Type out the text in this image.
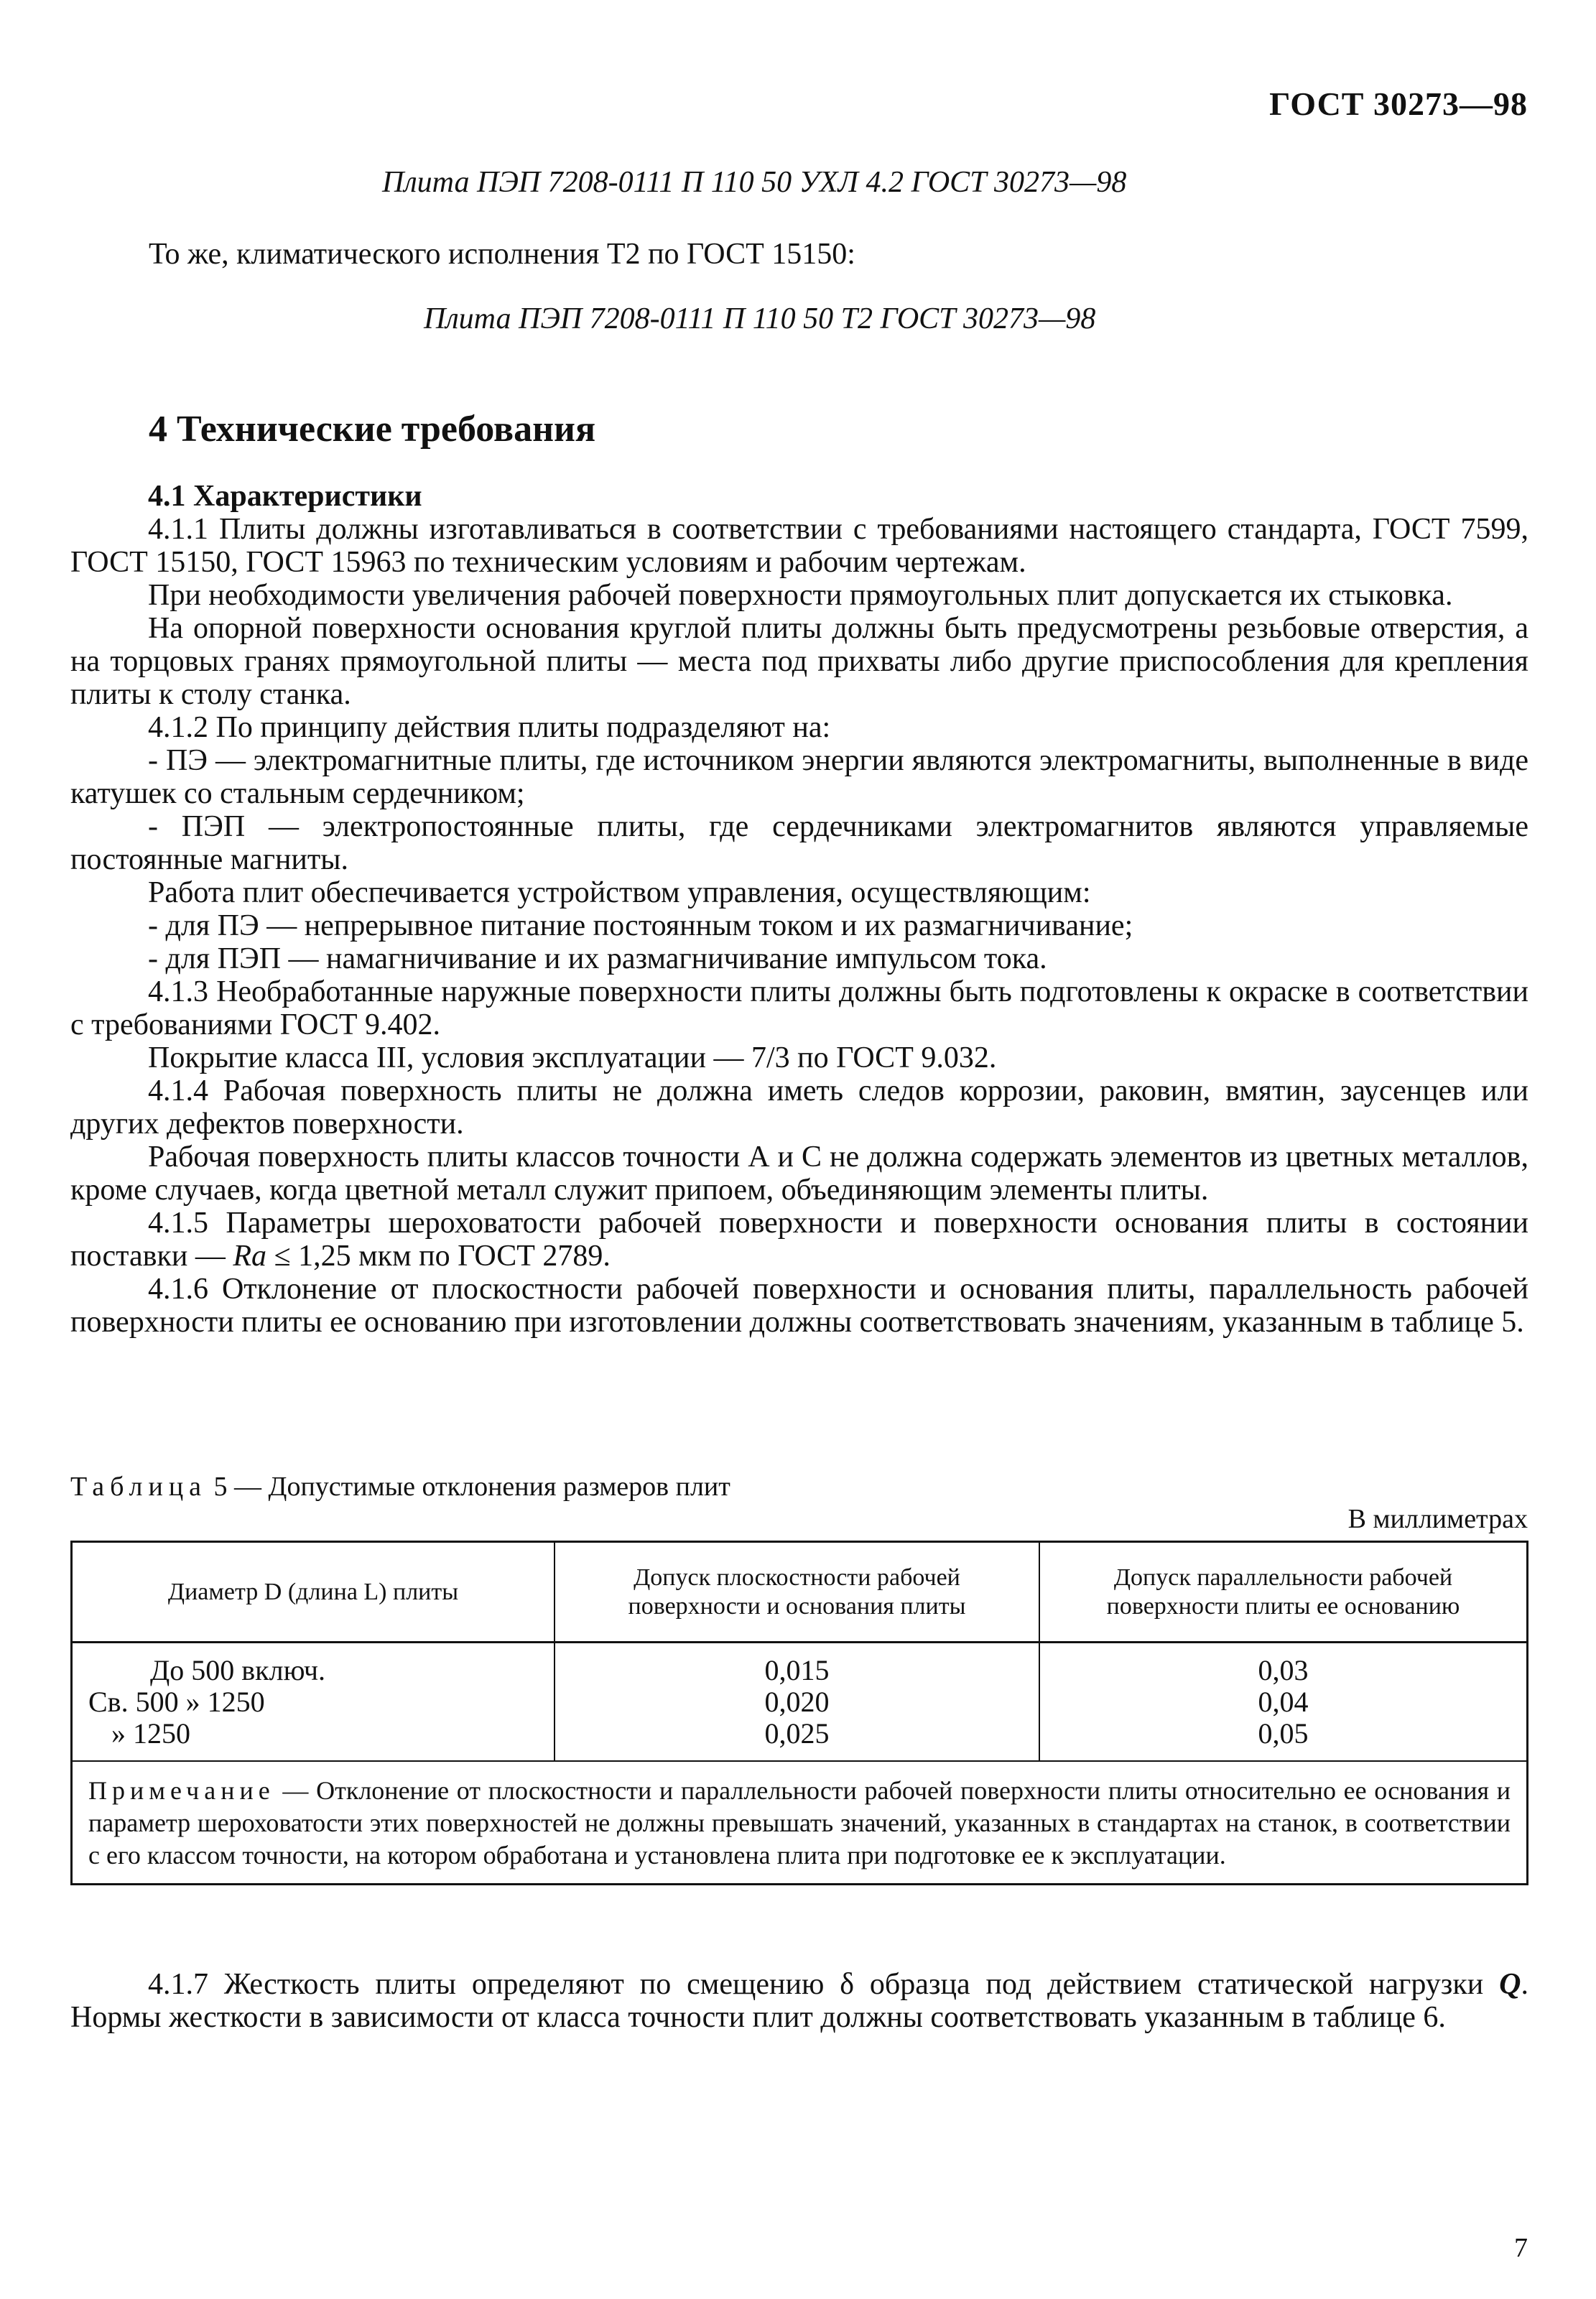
ГОСТ 30273—98
Плита ПЭП 7208-0111 П 110 50 УХЛ 4.2 ГОСТ 30273—98
То же, климатического исполнения Т2 по ГОСТ 15150:
Плита ПЭП 7208-0111 П 110 50 Т2 ГОСТ 30273—98
4 Технические требования

4.1 Характеристики

4.1.1 Плиты должны изготавливаться в соответствии с требованиями настоящего стандарта, ГОСТ 7599, ГОСТ 15150, ГОСТ 15963 по техническим условиям и рабочим чертежам.

При необходимости увеличения рабочей поверхности прямоугольных плит допускается их стыковка.

На опорной поверхности основания круглой плиты должны быть предусмотрены резьбовые отверстия, а на торцовых гранях прямоугольной плиты — места под прихваты либо другие приспособления для крепления плиты к столу станка.

4.1.2 По принципу действия плиты подразделяют на:

- ПЭ — электромагнитные плиты, где источником энергии являются электромагниты, выполненные в виде катушек со стальным сердечником;

- ПЭП — электропостоянные плиты, где сердечниками электромагнитов являются управляемые постоянные магниты.

Работа плит обеспечивается устройством управления, осуществляющим:

- для ПЭ — непрерывное питание постоянным током и их размагничивание;

- для ПЭП — намагничивание и их размагничивание импульсом тока.

4.1.3 Необработанные наружные поверхности плиты должны быть подготовлены к окраске в соответствии с требованиями ГОСТ 9.402.

Покрытие класса III, условия эксплуатации — 7/3 по ГОСТ 9.032.

4.1.4 Рабочая поверхность плиты не должна иметь следов коррозии, раковин, вмятин, заусенцев или других дефектов поверхности.

Рабочая поверхность плиты классов точности А и С не должна содержать элементов из цветных металлов, кроме случаев, когда цветной металл служит припоем, объединяющим элементы плиты.

4.1.5 Параметры шероховатости рабочей поверхности и поверхности основания плиты в состоянии поставки — Ra ≤ 1,25 мкм по ГОСТ 2789.

4.1.6 Отклонение от плоскостности рабочей поверхности и основания плиты, параллельность рабочей поверхности плиты ее основанию при изготовлении должны соответствовать значениям, указанным в таблице 5.

Таблица 5 — Допустимые отклонения размеров плит
В миллиметрах
Диаметр D (длина L) плиты
Допуск плоскостности рабочей поверхности и основания плиты
Допуск параллельности рабочей поверхности плиты ее основанию
До 500 включ.
Св. 500 » 1250
» 1250
0,015
0,020
0,025
0,03
0,04
0,05
Примечание — Отклонение от плоскостности и параллельности рабочей поверхности плиты относительно ее основания и параметр шероховатости этих поверхностей не должны превышать значений, указанных в стандартах на станок, в соответствии с его классом точности, на котором обработана и установлена плита при подготовке ее к эксплуатации.

4.1.7 Жесткость плиты определяют по смещению δ образца под действием статической нагрузки Q. Нормы жесткости в зависимости от класса точности плит должны соответствовать указанным в таблице 6.

7
